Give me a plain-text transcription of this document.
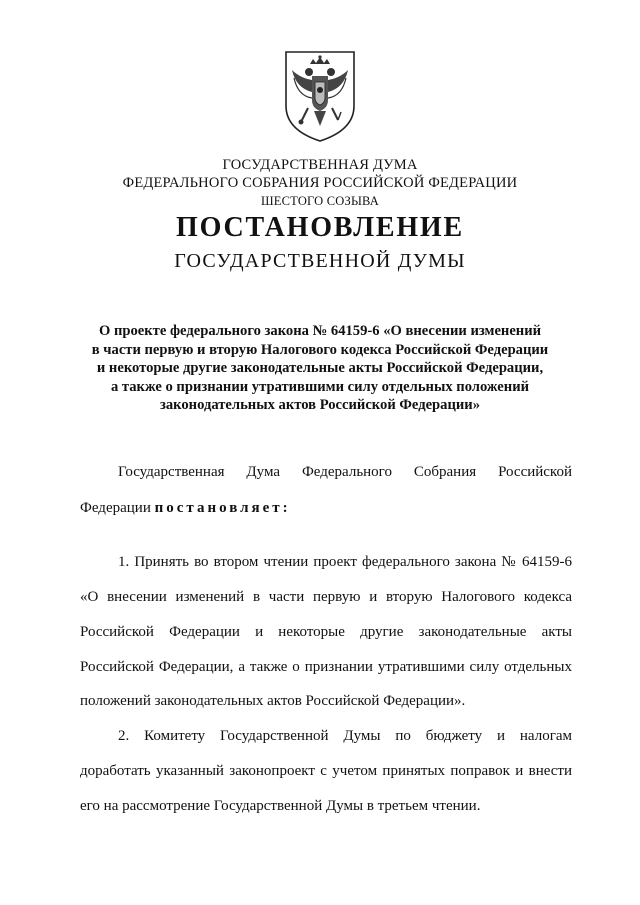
ГОСУДАРСТВЕННАЯ ДУМА
ФЕДЕРАЛЬНОГО СОБРАНИЯ РОССИЙСКОЙ ФЕДЕРАЦИИ
ШЕСТОГО СОЗЫВА
ПОСТАНОВЛЕНИЕ
ГОСУДАРСТВЕННОЙ ДУМЫ
О проекте федерального закона № 64159-6 «О внесении изменений
в части первую и вторую Налогового кодекса Российской Федерации
и некоторые другие законодательные акты Российской Федерации,
а также о признании утратившими силу отдельных положений
законодательных актов Российской Федерации»
Государственная Дума Федерального Собрания Российской
Федерации постановляет:
1. Принять во втором чтении проект федерального закона № 64159-6
«О внесении изменений в части первую и вторую Налогового кодекса
Российской Федерации и некоторые другие законодательные акты
Российской Федерации, а также о признании утратившими силу отдельных
положений законодательных актов Российской Федерации».
2. Комитету Государственной Думы по бюджету и налогам
доработать указанный законопроект с учетом принятых поправок и внести
его на рассмотрение Государственной Думы в третьем чтении.
